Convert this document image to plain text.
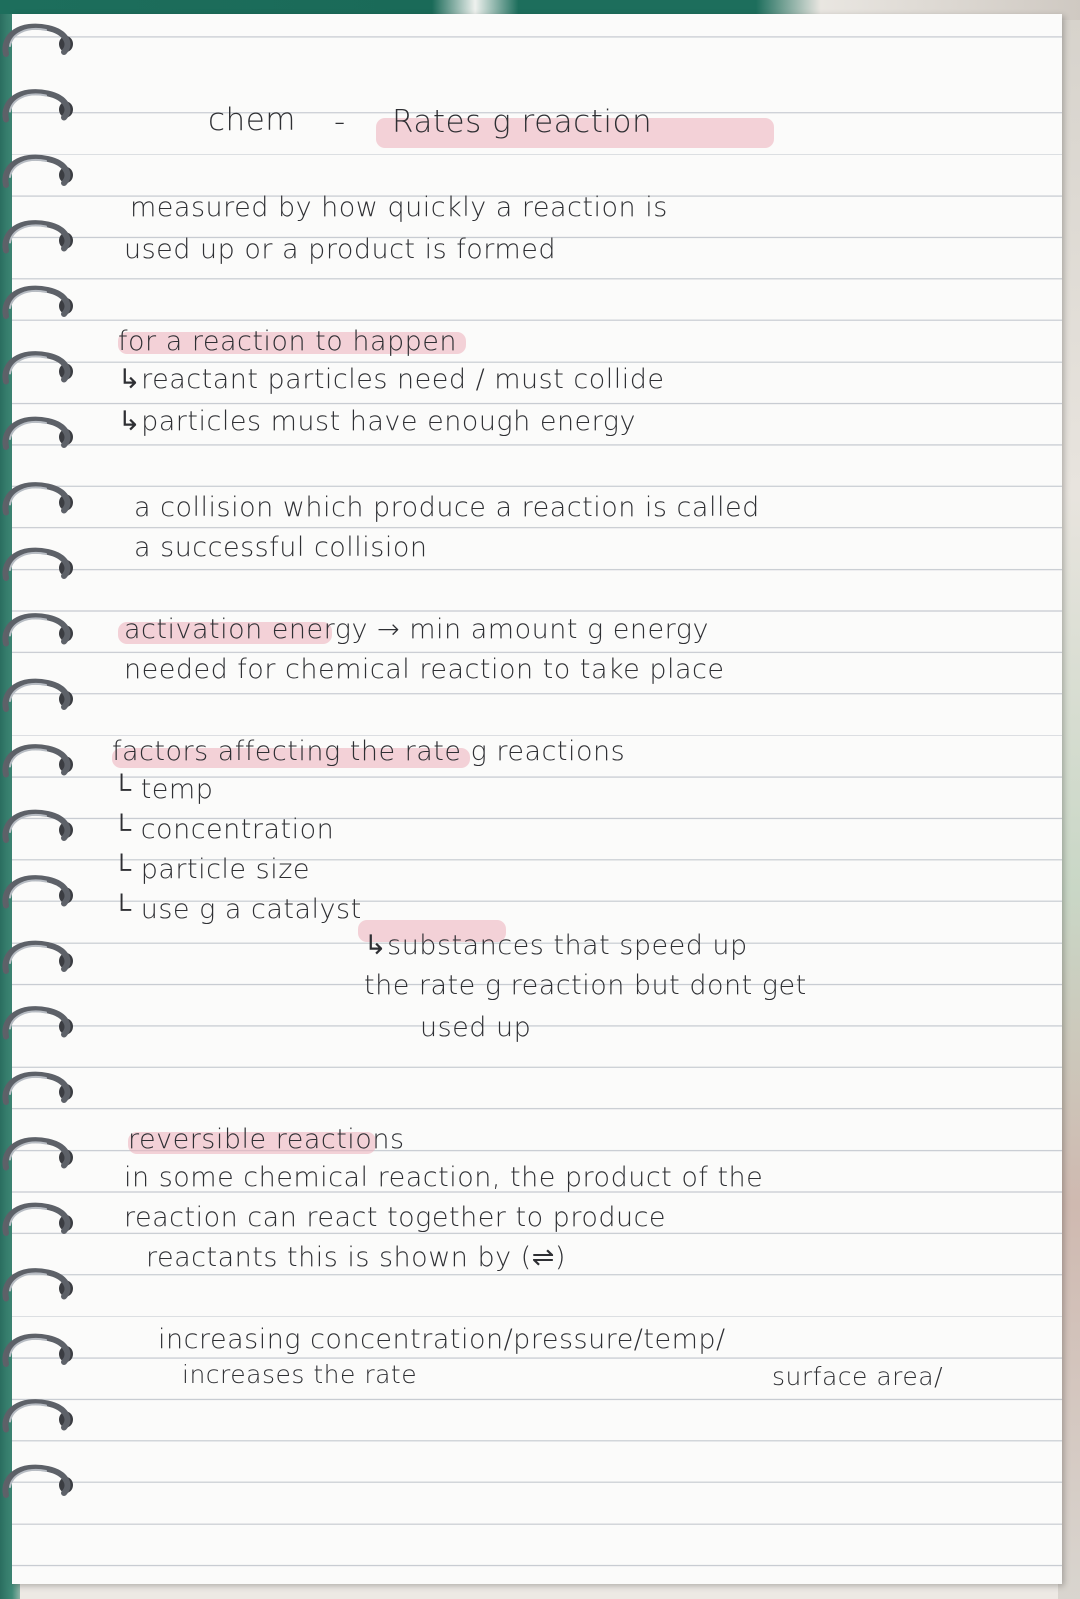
chem - Rates g reaction

measured by how quickly a reaction is

used up or a product is formed

for a reaction to happen

↳reactant particles need / must collide

↳particles must have enough energy

a collision which produce a reaction is called

a successful collision

activation energy → min amount g energy

needed for chemical reaction to take place

factors affecting the rate g reactions

└ temp

└ concentration

└ particle size

└ use g a catalyst

↳substances that speed up

the rate g reaction but dont get

used up

reversible reactions

in some chemical reaction, the product of the

reaction can react together to produce

reactants this is shown by (⇌)

increasing concentration/pressure/temp/

increases the rate	surface area/
